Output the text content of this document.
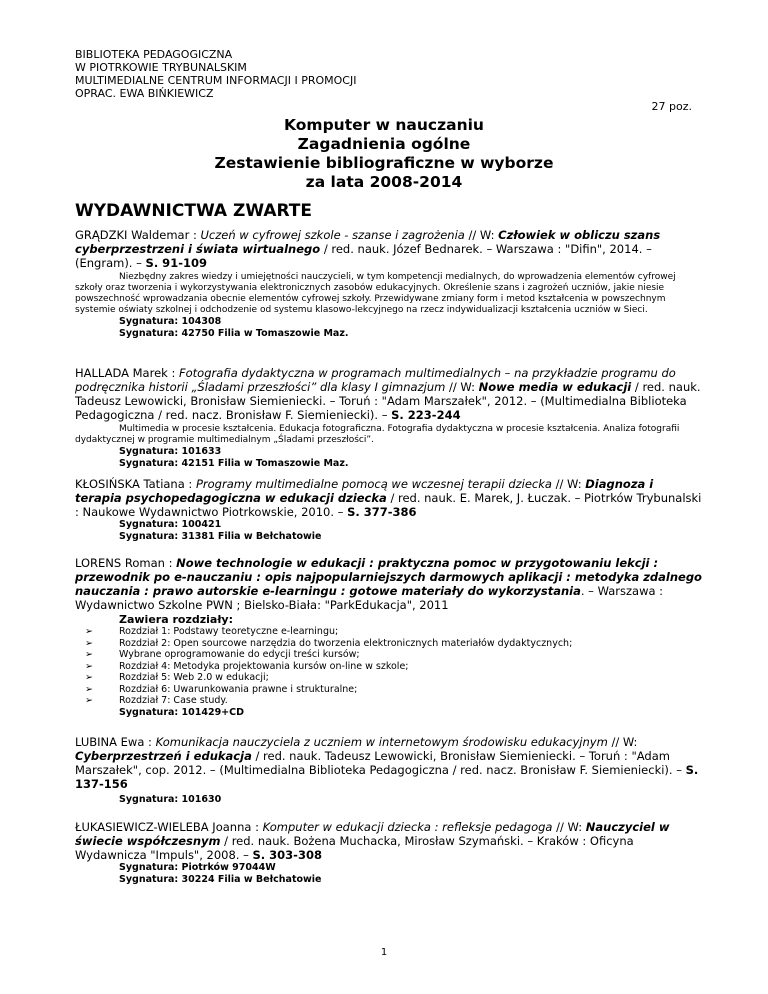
BIBLIOTEKA PEDAGOGICZNA
W PIOTRKOWIE TRYBUNALSKIM
MULTIMEDIALNE CENTRUM INFORMACJI I PROMOCJI
OPRAC. EWA BIŃKIEWICZ
27 poz.
Komputer w nauczaniu
Zagadnienia ogólne
Zestawienie bibliograficzne w wyborze
za lata 2008-2014
WYDAWNICTWA ZWARTE

GRĄDZKI Waldemar : Uczeń w cyfrowej szkole - szanse i zagrożenia // W: Człowiek w obliczu szans cyberprzestrzeni i świata wirtualnego / red. nauk. Józef Bednarek. – Warszawa : "Difin", 2014. – (Engram). – S. 91-109

Niezbędny zakres wiedzy i umiejętności nauczycieli, w tym kompetencji medialnych, do wprowadzenia elementów cyfrowej szkoły oraz tworzenia i wykorzystywania elektronicznych zasobów edukacyjnych. Określenie szans i zagrożeń uczniów, jakie niesie powszechność wprowadzania obecnie elementów cyfrowej szkoły. Przewidywane zmiany form i metod kształcenia w powszechnym systemie oświaty szkolnej i odchodzenie od systemu klasowo-lekcyjnego na rzecz indywidualizacji kształcenia uczniów w Sieci.

Sygnatura: 104308

Sygnatura: 42750 Filia w Tomaszowie Maz.

HALLADA Marek : Fotografia dydaktyczna w programach multimedialnych – na przykładzie programu do podręcznika historii „Śladami przeszłości” dla klasy I gimnazjum // W: Nowe media w edukacji / red. nauk. Tadeusz Lewowicki, Bronisław Siemieniecki. – Toruń : "Adam Marszałek", 2012. – (Multimedialna Biblioteka Pedagogiczna / red. nacz. Bronisław F. Siemieniecki). – S. 223-244

Multimedia w procesie kształcenia. Edukacja fotograficzna. Fotografia dydaktyczna w procesie kształcenia. Analiza fotografii dydaktycznej w programie multimedialnym „Śladami przeszłości”.

Sygnatura: 101633

Sygnatura: 42151 Filia w Tomaszowie Maz.

KŁOSIŃSKA Tatiana : Programy multimedialne pomocą we wczesnej terapii dziecka // W: Diagnoza i terapia psychopedagogiczna w edukacji dziecka / red. nauk. E. Marek, J. Łuczak. – Piotrków Trybunalski : Naukowe Wydawnictwo Piotrkowskie, 2010. – S. 377-386

Sygnatura: 100421

Sygnatura: 31381 Filia w Bełchatowie

LORENS Roman : Nowe technologie w edukacji : praktyczna pomoc w przygotowaniu lekcji : przewodnik po e-nauczaniu : opis najpopularniejszych darmowych aplikacji : metodyka zdalnego nauczania : prawo autorskie e-learningu : gotowe materiały do wykorzystania. – Warszawa : Wydawnictwo Szkolne PWN ; Bielsko-Biała: "ParkEdukacja", 2011

Zawiera rozdziały:

➢	Rozdział 1: Podstawy teoretyczne e-learningu;
➢	Rozdział 2: Open sourcowe narzędzia do tworzenia elektronicznych materiałów dydaktycznych;
➢	Wybrane oprogramowanie do edycji treści kursów;
➢	Rozdział 4: Metodyka projektowania kursów on-line w szkole;
➢	Rozdział 5: Web 2.0 w edukacji;
➢	Rozdział 6: Uwarunkowania prawne i strukturalne;
➢	Rozdział 7: Case study.

Sygnatura: 101429+CD

LUBINA Ewa : Komunikacja nauczyciela z uczniem w internetowym środowisku edukacyjnym // W: Cyberprzestrzeń i edukacja / red. nauk. Tadeusz Lewowicki, Bronisław Siemieniecki. – Toruń : "Adam Marszałek", cop. 2012. – (Multimedialna Biblioteka Pedagogiczna / red. nacz. Bronisław F. Siemieniecki). – S. 137-156

Sygnatura: 101630

ŁUKASIEWICZ-WIELEBA Joanna : Komputer w edukacji dziecka : refleksje pedagoga // W: Nauczyciel w świecie współczesnym / red. nauk. Bożena Muchacka, Mirosław Szymański. – Kraków : Oficyna Wydawnicza "Impuls", 2008. – S. 303-308

Sygnatura: Piotrków 97044W

Sygnatura: 30224 Filia w Bełchatowie

1
